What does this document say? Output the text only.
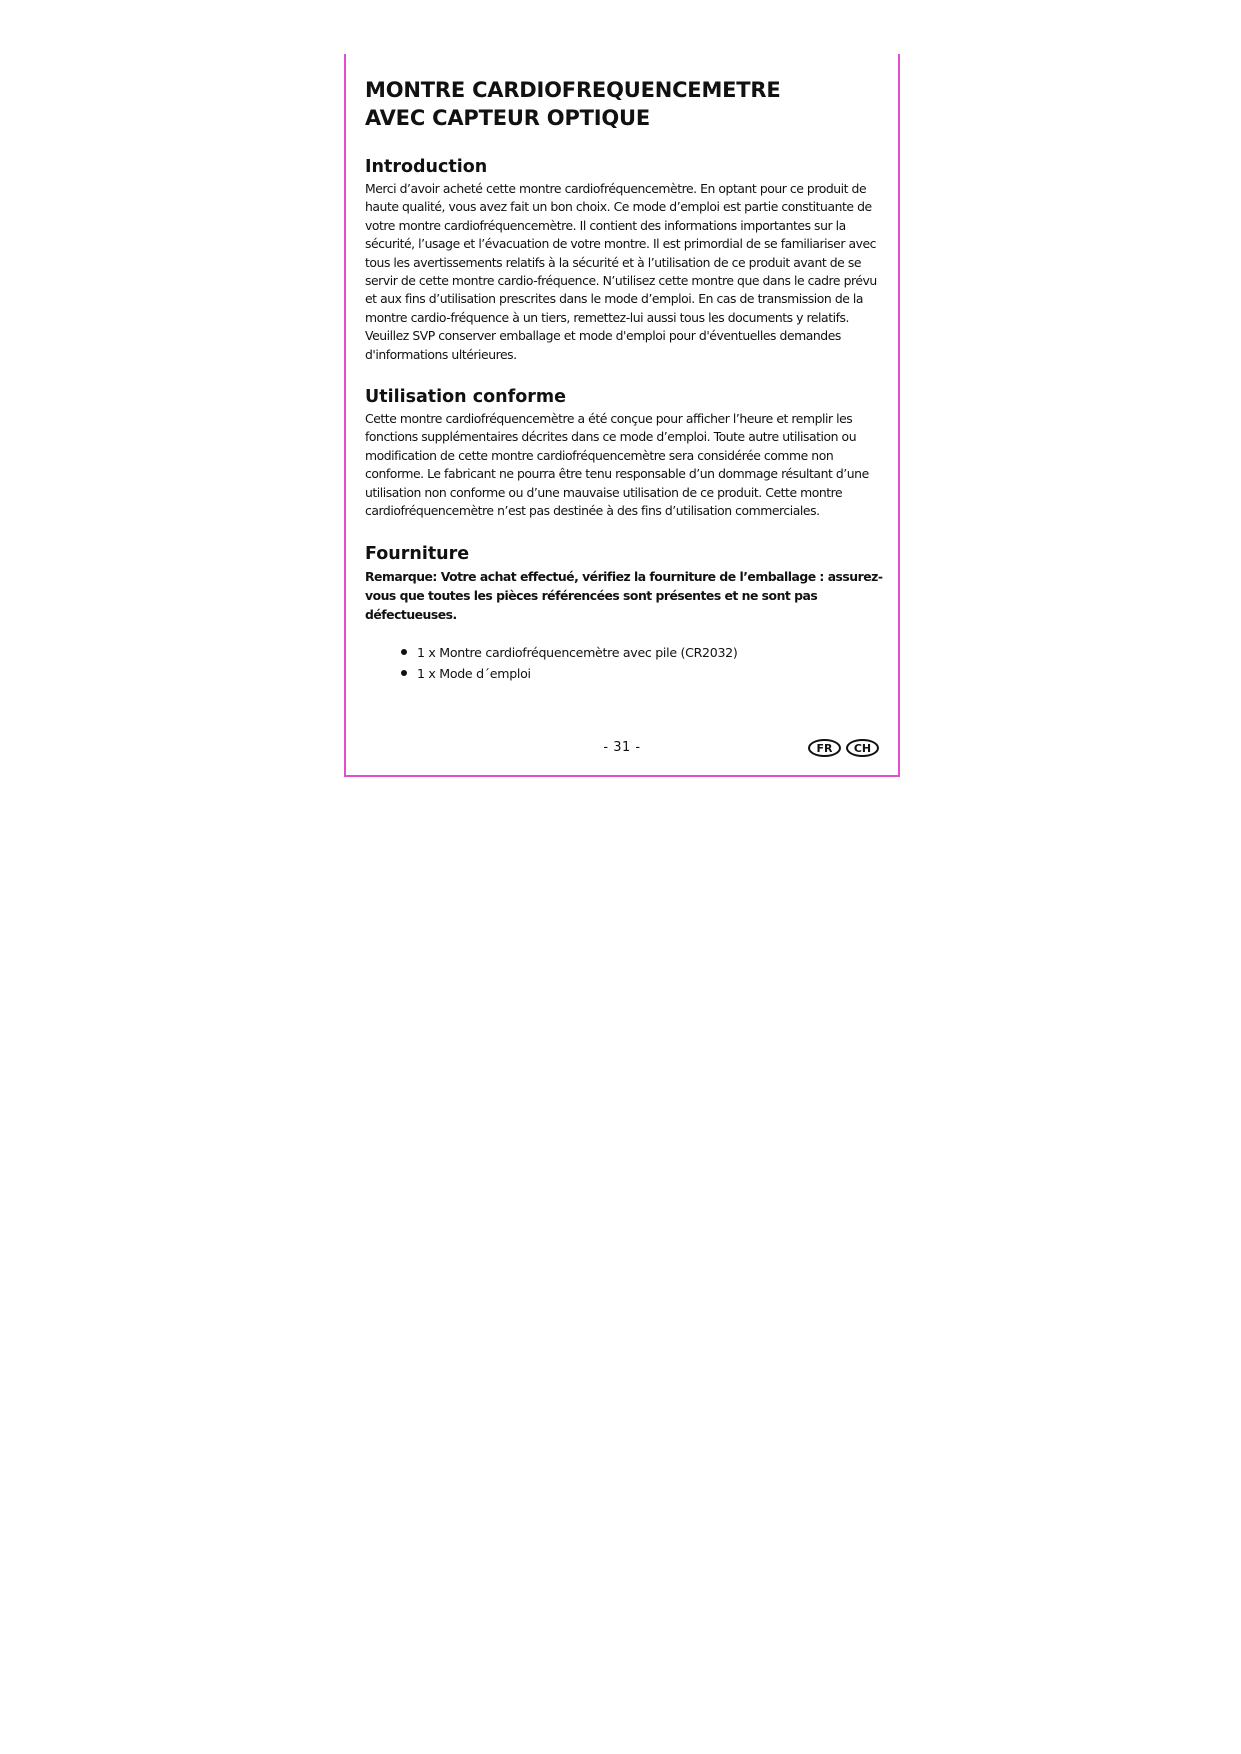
MONTRE CARDIOFREQUENCEMETRE
AVEC CAPTEUR OPTIQUE
Introduction

Merci d’avoir acheté cette montre cardiofréquencemètre. En optant pour ce produit de haute qualité, vous avez fait un bon choix. Ce mode d’emploi est partie constituante de votre montre cardiofréquencemètre. Il contient des informations importantes sur la sécurité, l’usage et l’évacuation de votre montre. Il est primordial de se familiariser avec tous les avertissements relatifs à la sécurité et à l’utilisation de ce produit avant de se servir de cette montre cardio-fréquence. N’utilisez cette montre que dans le cadre prévu et aux fins d’utilisation prescrites dans le mode d’emploi. En cas de transmission de la montre cardio-fréquence à un tiers, remettez-lui aussi tous les documents y relatifs. Veuillez SVP conserver emballage et mode d'emploi pour d'éventuelles demandes d'informations ultérieures.

Utilisation conforme

Cette montre cardiofréquencemètre a été conçue pour afficher l’heure et remplir les fonctions supplémentaires décrites dans ce mode d’emploi. Toute autre utilisation ou modification de cette montre cardiofréquencemètre sera considérée comme non conforme. Le fabricant ne pourra être tenu responsable d’un dommage résultant d’une utilisation non conforme ou d’une mauvaise utilisation de ce produit. Cette montre cardiofréquencemètre n’est pas destinée à des fins d’utilisation commerciales.

Fourniture

Remarque: Votre achat effectué, vérifiez la fourniture de l’emballage : assurez-vous que toutes les pièces référencées sont présentes et ne sont pas défectueuses.

1 x Montre cardiofréquencemètre avec pile (CR2032)
1 x Mode d´emploi
- 31 -	FR	CH
